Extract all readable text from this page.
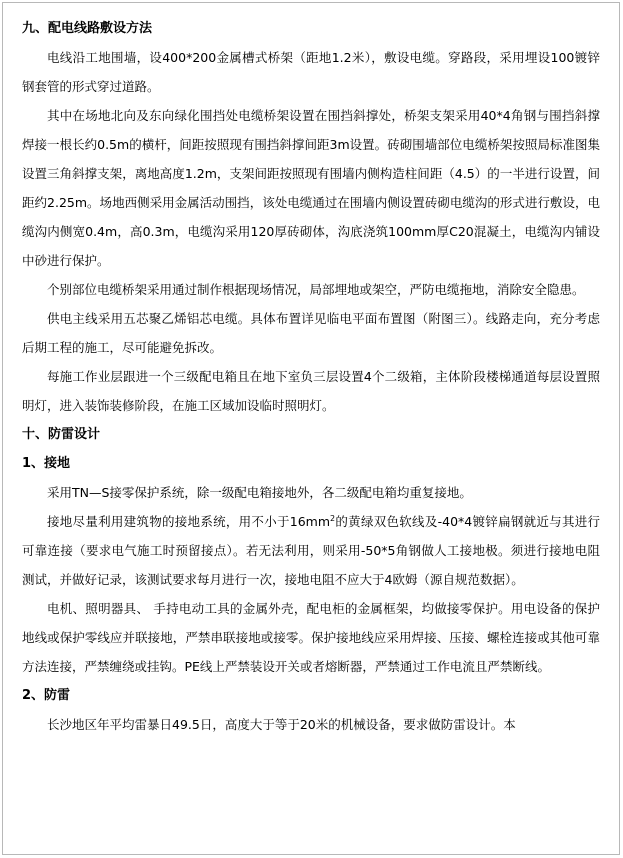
九、配电线路敷设方法

电线沿工地围墙，设400*200金属槽式桥架（距地1.2米），敷设电缆。穿路段，采用埋设100镀锌钢套管的形式穿过道路。

其中在场地北向及东向绿化围挡处电缆桥架设置在围挡斜撑处，桥架支架采用40*4角钢与围挡斜撑焊接一根长约0.5m的横杆，间距按照现有围挡斜撑间距3m设置。砖砌围墙部位电缆桥架按照局标准图集设置三角斜撑支架，离地高度1.2m，支架间距按照现有围墙内侧构造柱间距（4.5）的一半进行设置，间距约2.25m。场地西侧采用金属活动围挡，该处电缆通过在围墙内侧设置砖砌电缆沟的形式进行敷设，电缆沟内侧宽0.4m，高0.3m，电缆沟采用120厚砖砌体，沟底浇筑100mm厚C20混凝土，电缆沟内铺设中砂进行保护。

个别部位电缆桥架采用通过制作根据现场情况，局部埋地或架空，严防电缆拖地，消除安全隐患。

供电主线采用五芯聚乙烯铝芯电缆。具体布置详见临电平面布置图（附图三）。线路走向，充分考虑后期工程的施工，尽可能避免拆改。

每施工作业层跟进一个三级配电箱且在地下室负三层设置4个二级箱，主体阶段楼梯通道每层设置照明灯，进入装饰装修阶段，在施工区域加设临时照明灯。

十、防雷设计

1、接地

采用TN—S接零保护系统，除一级配电箱接地外，各二级配电箱均重复接地。

接地尽量利用建筑物的接地系统，用不小于$16mm^2$的黄绿双色软线及-40*4镀锌扁钢就近与其进行可靠连接（要求电气施工时预留接点）。若无法利用，则采用-50*5角钢做人工接地极。须进行接地电阻测试，并做好记录，该测试要求每月进行一次，接地电阻不应大于4欧姆（源自规范数据）。

电机、照明器具、 手持电动工具的金属外壳，配电柜的金属框架，均做接零保护。用电设备的保护地线或保护零线应并联接地，严禁串联接地或接零。保护接地线应采用焊接、压接、螺栓连接或其他可靠方法连接，严禁缠绕或挂钩。PE线上严禁装设开关或者熔断器，严禁通过工作电流且严禁断线。

2、防雷

长沙地区年平均雷暴日49.5日，高度大于等于20米的机械设备，要求做防雷设计。本
